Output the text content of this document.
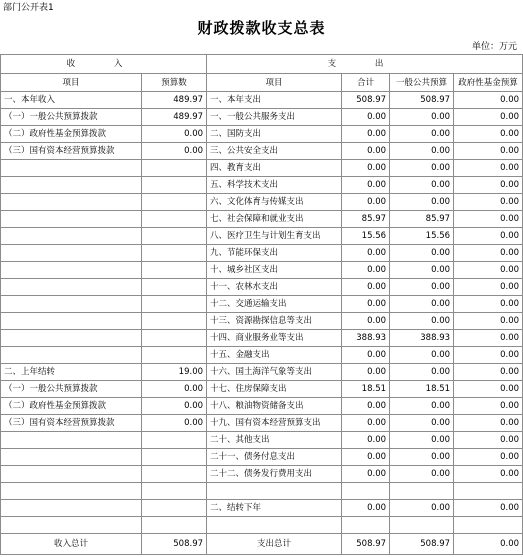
部门公开表1
财政拨款收支总表
单位：万元
收 入		支 出			
项目	预算数	项目	合计	一般公共预算	政府性基金预算
一、本年收入	489.97	一、本年支出	508.97	508.97	0.00
（一）一般公共预算拨款	489.97	一、一般公共服务支出	0.00	0.00	0.00
（二）政府性基金预算拨款	0.00	二、国防支出	0.00	0.00	0.00
（三）国有资本经营预算拨款	0.00	三、公共安全支出	0.00	0.00	0.00
		四、教育支出	0.00	0.00	0.00
		五、科学技术支出	0.00	0.00	0.00
		六、文化体育与传媒支出	0.00	0.00	0.00
		七、社会保障和就业支出	85.97	85.97	0.00
		八、医疗卫生与计划生育支出	15.56	15.56	0.00
		九、节能环保支出	0.00	0.00	0.00
		十、城乡社区支出	0.00	0.00	0.00
		十一、农林水支出	0.00	0.00	0.00
		十二、交通运输支出	0.00	0.00	0.00
		十三、资源勘探信息等支出	0.00	0.00	0.00
		十四、商业服务业等支出	388.93	388.93	0.00
		十五、金融支出	0.00	0.00	0.00
二、上年结转	19.00	十六、国土海洋气象等支出	0.00	0.00	0.00
（一）一般公共预算拨款	0.00	十七、住房保障支出	18.51	18.51	0.00
（二）政府性基金预算拨款	0.00	十八、粮油物资储备支出	0.00	0.00	0.00
（三）国有资本经营预算拨款	0.00	十九、国有资本经营预算支出	0.00	0.00	0.00
		二十、其他支出	0.00	0.00	0.00
		二十一、债务付息支出	0.00	0.00	0.00
		二十二、债务发行费用支出	0.00	0.00	0.00

		二、结转下年	0.00	0.00	0.00

收入总计	508.97	支出总计	508.97	508.97	0.00
